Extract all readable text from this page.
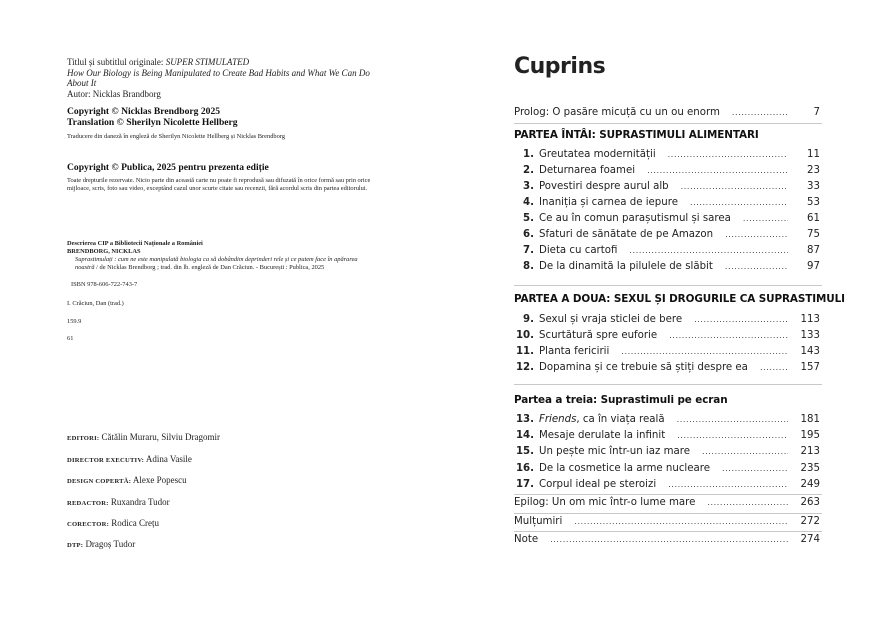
Titlul și subtitlul originale: SUPER STIMULATED
How Our Biology is Being Manipulated to Create Bad Habits and What We Can Do About It
Autor: Nicklas Brandborg
Copyright © Nicklas Brendborg 2025
Translation © Sherilyn Nicolette Hellberg
Traducere din daneză în engleză de Sherilyn Nicolette Hellberg și Nicklas Brendborg
Copyright © Publica, 2025 pentru prezenta ediție
Toate drepturile rezervate. Nicio parte din această carte nu poate fi reprodusă sau difuzată în orice formă sau prin orice mijloace, scris, foto sau video, exceptând cazul unor scurte citate sau recenzii, fără acordul scris din partea editorului.
Descrierea CIP a Bibliotecii Naționale a României
BRENDBORG, NICKLAS
Suprastimulați : cum ne este manipulată biologia ca să dobândim deprinderi rele și ce putem face în apărarea noastră / de Nicklas Brendborg ; trad. din lb. engleză de Dan Crăciun. - București : Publica, 2025
ISBN 978-606-722-743-7
I. Crăciun, Dan (trad.)
159.9
61
EDITORI: Cătălin Muraru, Silviu Dragomir
DIRECTOR EXECUTIV: Adina Vasile
DESIGN COPERTĂ: Alexe Popescu
REDACTOR: Ruxandra Tudor
CORECTOR: Rodica Crețu
DTP: Dragoș Tudor
Cuprins
Prolog: O pasăre micuță cu un ou enorm .....	7
PARTEA ÎNTÂI: SUPRASTIMULI ALIMENTARI
1. Greutatea modernității .....	11
2. Deturnarea foamei .....	23
3. Povestiri despre aurul alb .....	33
4. Inaniția și carnea de iepure .....	53
5. Ce au în comun parașutismul și sarea .....	61
6. Sfaturi de sănătate de pe Amazon .....	75
7. Dieta cu cartofi .....	87
8. De la dinamită la pilulele de slăbit .....	97
PARTEA A DOUA: SEXUL ȘI DROGURILE CA SUPRASTIMULI
9. Sexul și vraja sticlei de bere .....	113
10. Scurtătură spre euforie .....	133
11. Planta fericirii .....	143
12. Dopamina și ce trebuie să știți despre ea .....	157
Partea a treia: Suprastimuli pe ecran
13. Friends, ca în viața reală .....	181
14. Mesaje derulate la infinit .....	195
15. Un pește mic într-un iaz mare .....	213
16. De la cosmetice la arme nucleare .....	235
17. Corpul ideal pe steroizi .....	249
Epilog: Un om mic într-o lume mare .....	263
Mulțumiri .....	272
Note .....	274
